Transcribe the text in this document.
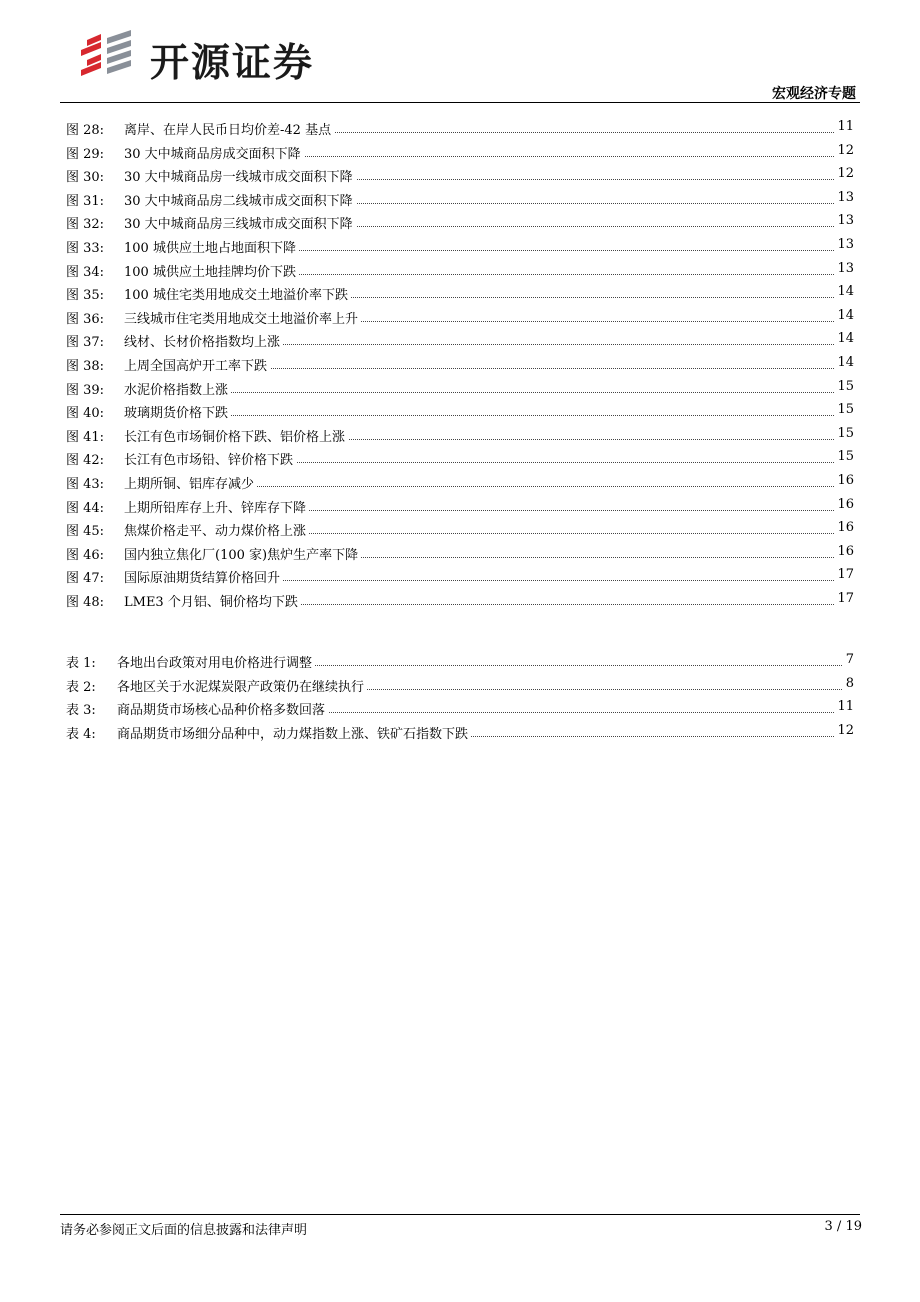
开源证券
宏观经济专题
图 28: 离岸、在岸人民币日均价差-42 基点	11
图 29: 30 大中城商品房成交面积下降	12
图 30: 30 大中城商品房一线城市成交面积下降	12
图 31: 30 大中城商品房二线城市成交面积下降	13
图 32: 30 大中城商品房三线城市成交面积下降	13
图 33: 100 城供应土地占地面积下降	13
图 34: 100 城供应土地挂牌均价下跌	13
图 35: 100 城住宅类用地成交土地溢价率下跌	14
图 36: 三线城市住宅类用地成交土地溢价率上升	14
图 37: 线材、长材价格指数均上涨	14
图 38: 上周全国高炉开工率下跌	14
图 39: 水泥价格指数上涨	15
图 40: 玻璃期货价格下跌	15
图 41: 长江有色市场铜价格下跌、铝价格上涨	15
图 42: 长江有色市场铅、锌价格下跌	15
图 43: 上期所铜、铝库存减少	16
图 44: 上期所铅库存上升、锌库存下降	16
图 45: 焦煤价格走平、动力煤价格上涨	16
图 46: 国内独立焦化厂(100 家)焦炉生产率下降	16
图 47: 国际原油期货结算价格回升	17
图 48: LME3 个月铝、铜价格均下跌	17
表 1: 各地出台政策对用电价格进行调整	7
表 2: 各地区关于水泥煤炭限产政策仍在继续执行	8
表 3: 商品期货市场核心品种价格多数回落	11
表 4: 商品期货市场细分品种中，动力煤指数上涨、铁矿石指数下跌	12
请务必参阅正文后面的信息披露和法律声明	3 / 19
